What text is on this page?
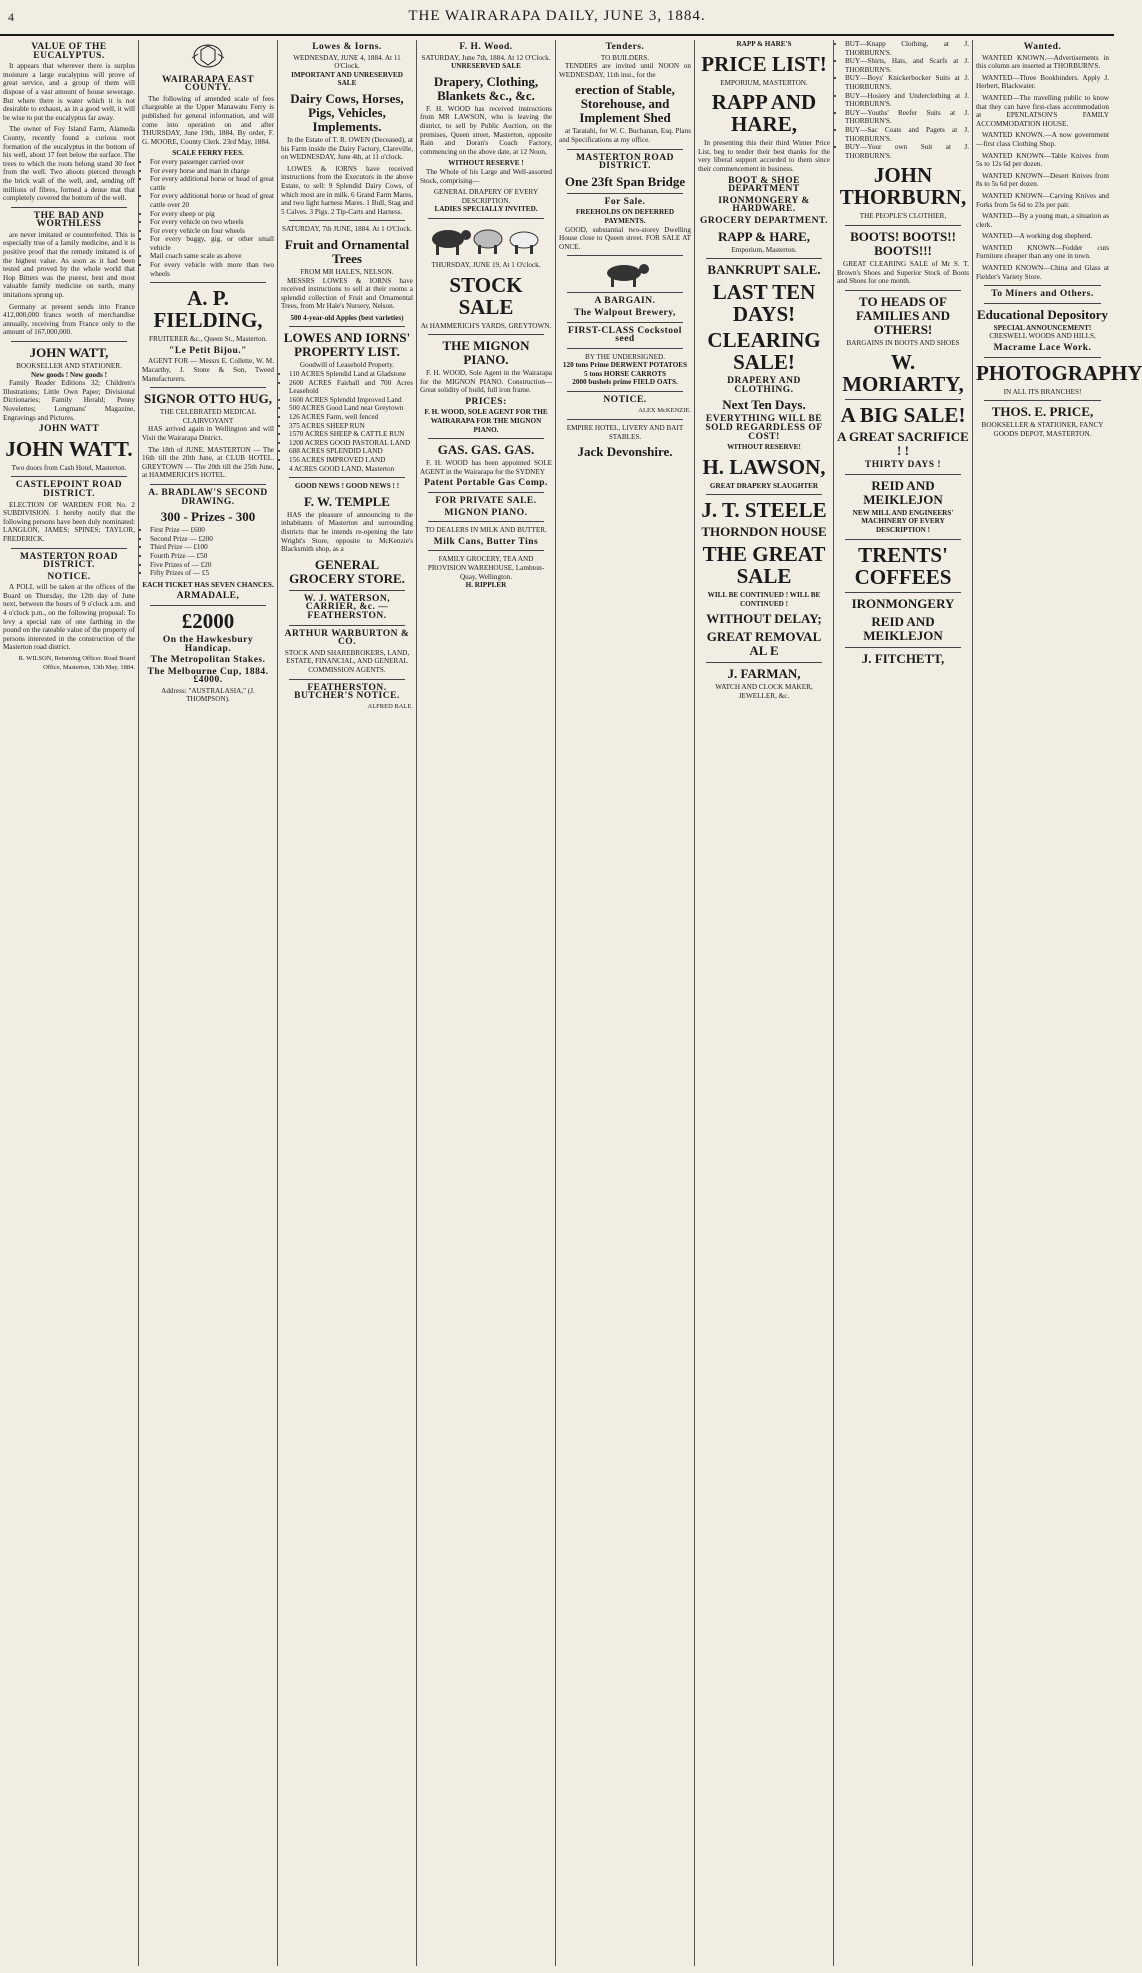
4	THE WAIRARAPA DAILY, JUNE 3, 1884.
VALUE OF THE EUCALYPTUS.

It appears that wherever there is surplus moisture a large eucalyptus will prove of great service, and a group of them will dispose of a vast amount of house sewerage. But where there is water which it is not desirable to exhaust, as in a good well, it will be wise to put the eucalyptus far away.

The owner of Foy Island Farm, Alameda County, recently found a curious root formation of the eucalyptus in the bottom of his well, about 17 feet below the surface. The trees to which the roots belong stand 30 feet from the well. Two ahoots pierced through the brick wall of the well, and, sending off millions of fibres, formed a dense mat that completely covered the bottom of the well.

THE BAD AND WORTHLESS

are never imitated or counterfeited. This is especially true of a family medicine, and it is positive proof that the remedy imitated is of the highest value. As soon as it had been tested and proved by the whole world that Hop Bitters was the purest, best and most valuable family medicine on earth, many imitations sprung up.

Germany at present sends into France 412,000,000 francs worth of merchandise annually, receiving from France only to the amount of 167,000,000.

JOHN WATT,
BOOKSELLER AND STATIONER.
New goods ! New goods !

Family Reader Editions 32; Children's Illustrations; Little Own Paper; Divisional Dictionaries; Family Herald; Penny Novelettes; Longmans' Magazine, Engravings and Pictures.

JOHN WATT
JOHN WATT.
Two doors from Cash Hotel, Masterton.
CASTLEPOINT ROAD DISTRICT.

ELECTION OF WARDEN FOR No. 2 SUBDIVISION. I hereby notify that the following persons have been duly nominated: LANGLON, JAMES; SPINES; TAYLOR, FREDERICK.

MASTERTON ROAD DISTRICT.
NOTICE.

A POLL will be taken at the offices of the Board on Thursday, the 12th day of June next, between the hours of 9 o'clock a.m. and 4 o'clock p.m., on the following proposal: To levy a special rate of one farthing in the pound on the rateable value of the property of persons interested in the construction of the Masterton road district.

R. WILSON, Returning Officer. Road Board Office, Masterton, 13th May, 1884.
WAIRARAPA EAST COUNTY.

The following of amended scale of fees chargeable at the Upper Manawatu Ferry is published for general information, and will come into operation on and after THURSDAY, June 19th, 1884. By order, F. G. MOORE, County Clerk. 23rd May, 1884.

SCALE FERRY FEES.
• For every passenger carried over
• For every horse and man in charge
• For every additional horse or head of great cattle
• For every additional horse or head of great cattle over 20
• For every sheep or pig
• For every vehicle on two wheels
• For every vehicle on four wheels
• For every buggy, gig, or other small vehicle
• Mail coach same scale as above
• For every vehicle with more than two wheels
A. P. FIELDING,
FRUITERER &c., Queen St., Masterton.
"Le Petit Bijou."

AGENT FOR — Messrs E. Collette, W. M. Macarthy, J. Stone & Son, Tweed Manufacturers.

SIGNOR OTTO HUG,
THE CELEBRATED MEDICAL CLAIRVOYANT

HAS arrived again in Wellington and will Visit the Wairarapa District.

The 18th of JUNE. MASTERTON — The 16th till the 20th June, at CLUB HOTEL. GREYTOWN — The 20th till the 25th June, at HAMMERICH'S HOTEL.

A. BRADLAW'S SECOND DRAWING.
300 - Prizes - 300
• First Prize — £600
• Second Prize — £200
• Third Prize — £100
• Fourth Prize — £50
• Five Prizes of — £20
• Fifty Prizes of — £5
EACH TICKET HAS SEVEN CHANCES.
ARMADALE,
£2000
On the Hawkesbury Handicap.
The Metropolitan Stakes.
The Melbourne Cup, 1884. £4000.
Address: "AUSTRALASIA," (J. THOMPSON).
Lowes & Iorns.
WEDNESDAY, JUNE 4, 1884. At 11 O'Clock.
IMPORTANT AND UNRESERVED SALE
Dairy Cows, Horses, Pigs, Vehicles, Implements.

In the Estate of T. R. OWEN (Deceased), at his Farm inside the Dairy Factory, Clareville, on WEDNESDAY, June 4th, at 11 o'clock.

LOWES & IORNS have received instructions from the Executors in the above Estate, to sell: 9 Splendid Dairy Cows, of which most are in milk. 6 Grand Farm Mares, and two light harness Mares. 1 Bull, Stag and 5 Calves. 3 Pigs. 2 Tip-Carts and Harness.

SATURDAY, 7th JUNE, 1884. At 1 O'Clock.
Fruit and Ornamental Trees
FROM MR HALE'S, NELSON.

MESSRS LOWES & IORNS have received instructions to sell at their rooms a splendid collection of Fruit and Ornamental Trees, from Mr Hale's Nursery, Nelson.

500 4-year-old Apples (best varieties)
LOWES AND IORNS' PROPERTY LIST.
Goodwill of Leasehold Property.
• 110 ACRES Splendid Land at Gladstone
• 2600 ACRES Fairhall and 700 Acres Leasehold
• 1600 ACRES Splendid Improved Land
• 500 ACRES Good Land near Greytown
• 126 ACRES Farm, well fenced
• 375 ACRES SHEEP RUN
• 1570 ACRES SHEEP & CATTLE RUN
• 1200 ACRES GOOD PASTORAL LAND
• 688 ACRES SPLENDID LAND
• 156 ACRES IMPROVED LAND
• 4 ACRES GOOD LAND, Masterton
GOOD NEWS ! GOOD NEWS ! !
F. W. TEMPLE

HAS the pleasure of announcing to the inhabitants of Masterton and surrounding districts that he intends re-opening the late Wright's Store, opposite to McKenzie's Blacksmith shop, as a

GENERAL GROCERY STORE.
W. J. WATERSON, CARRIER, &c. — FEATHERSTON.
ARTHUR WARBURTON & CO.
STOCK AND SHAREBROKERS, LAND, ESTATE, FINANCIAL, AND GENERAL COMMISSION AGENTS.
FEATHERSTON. BUTCHER'S NOTICE.
ALFRED BALE.
F. H. Wood.
SATURDAY, June 7th, 1884. At 12 O'Clock.
UNRESERVED SALE
Drapery, Clothing, Blankets &c., &c.

F. H. WOOD has received instructions from MR LAWSON, who is leaving the district, to sell by Public Auction, on the premises, Queen street, Masterton, opposite Rain and Doran's Coach Factory, commencing on the above date, at 12 Noon,

WITHOUT RESERVE !

The Whole of his Large and Well-assorted Stock, comprising—

GENERAL DRAPERY OF EVERY DESCRIPTION.
LADIES SPECIALLY INVITED.
THURSDAY, JUNE 19, At 1 O'clock.
STOCK SALE
At HAMMERICH'S YARDS, GREYTOWN.
THE MIGNON PIANO.

F. H. WOOD, Sole Agent in the Wairarapa for the MIGNON PIANO. Construction—Great solidity of build, full iron frame.

PRICES:
F. H. WOOD, SOLE AGENT FOR THE WAIRARAPA FOR THE MIGNON PIANO.
GAS. GAS. GAS.

F. H. WOOD has been appointed SOLE AGENT in the Wairarapa for the SYDNEY

Patent Portable Gas Comp.
FOR PRIVATE SALE.
MIGNON PIANO.
TO DEALERS IN MILK AND BUTTER.
Milk Cans, Butter Tins
FAMILY GROCERY, TEA AND PROVISION WAREHOUSE, Lambton-Quay, Wellington.
H. RIPPLER
Tenders.
TO BUILDERS.

TENDERS are invited until NOON on WEDNESDAY, 11th inst., for the

erection of Stable, Storehouse, and Implement Shed

at Taratahi, for W. C. Buchanan, Esq. Plans and Specifications at my office.

MASTERTON ROAD DISTRICT.
One 23ft Span Bridge
For Sale.
FREEHOLDS ON DEFERRED PAYMENTS.

GOOD, substantial two-storey Dwelling House close to Queen street. FOR SALE AT ONCE.

A BARGAIN.
The Walpout Brewery,
FIRST-CLASS Cockstool seed
BY THE UNDERSIGNED.
120 tons Prime DERWENT POTATOES
5 tons HORSE CARROTS
2000 bushels prime FIELD OATS.
NOTICE.
ALEX McKENZIE.
EMPIRE HOTEL, LIVERY AND BAIT STABLES.
Jack Devonshire.
RAPP & HARE'S
PRICE LIST!
EMPORIUM, MASTERTON.
RAPP AND HARE,

In presenting this their third Winter Price List, beg to tender their best thanks for the very liberal support accorded to them since their commencement in business.

BOOT & SHOE DEPARTMENT
IRONMONGERY & HARDWARE.
GROCERY DEPARTMENT.
RAPP & HARE,
Emporium, Masterton.
BANKRUPT SALE.
LAST TEN DAYS!
CLEARING SALE!
DRAPERY AND CLOTHING.
Next Ten Days.
EVERYTHING WILL BE SOLD REGARDLESS OF COST!
WITHOUT RESERVE!
H. LAWSON,
GREAT DRAPERY SLAUGHTER
J. T. STEELE
THORNDON HOUSE
THE GREAT SALE
WILL BE CONTINUED ! WILL BE CONTINUED !
WITHOUT DELAY;
GREAT REMOVAL AL E
J. FARMAN,
WATCH AND CLOCK MAKER, JEWELLER, &c.
• BUT—Knapp Clothing, at J. THORBURN'S.
• BUY—Shirts, Hats, and Scarfs at J. THORBURN'S.
• BUY—Boys' Knickerbocker Suits at J. THORBURN'S.
• BUY—Hosiery and Underclothing at J. THORBURN'S.
• BUY—Youths' Reefer Suits at J. THORBURN'S.
• BUY—Sac Coats and Pagets at J. THORBURN'S.
• BUY—Your own Suit at J. THORBURN'S.
JOHN THORBURN,
THE PEOPLE'S CLOTHIER,
BOOTS! BOOTS!! BOOTS!!!

GREAT CLEARING SALE of Mr S. T. Brown's Shoes and Superior Stock of Boots and Shoes for one month.

TO HEADS OF FAMILIES AND OTHERS!
BARGAINS IN BOOTS AND SHOES
W. MORIARTY,
A BIG SALE!
A GREAT SACRIFICE ! !
THIRTY DAYS !
REID AND MEIKLEJON
NEW MILL AND ENGINEERS' MACHINERY OF EVERY DESCRIPTION !
TRENTS' COFFEES
IRONMONGERY
REID AND MEIKLEJON
J. FITCHETT,
Wanted.

WANTED KNOWN.—Advertisements in this column are inserted at THORBURN'S.

WANTED—Three Bookbinders. Apply J. Herbert, Blackwater.

WANTED—The travelling public to know that they can have first-class accommodation at EPENLATSON'S FAMILY ACCOMMODATION HOUSE.

WANTED KNOWN.—A now government—first class Clothing Shop.

WANTED KNOWN—Table Knives from 5s to 12s 6d per dozen.

WANTED KNOWN—Desert Knives from 8s to 5s 6d per dozen.

WANTED KNOWN—Carving Knives and Forks from 5s 6d to 23s per pair.

WANTED—By a young man, a situation as clerk.

WANTED—A working dog shepherd.

WANTED KNOWN—Fodder cuts Furniture cheaper than any one in town.

WANTED KNOWN—China and Glass at Fielder's Variety Store.

To Miners and Others.
Educational Depository
SPECIAL ANNOUNCEMENT!
CRESWELL WOODS AND HILLS,
Macrame Lace Work.
PHOTOGRAPHY
IN ALL ITS BRANCHES!
THOS. E. PRICE,
BOOKSELLER & STATIONER, FANCY GOODS DEPOT, MASTERTON.
